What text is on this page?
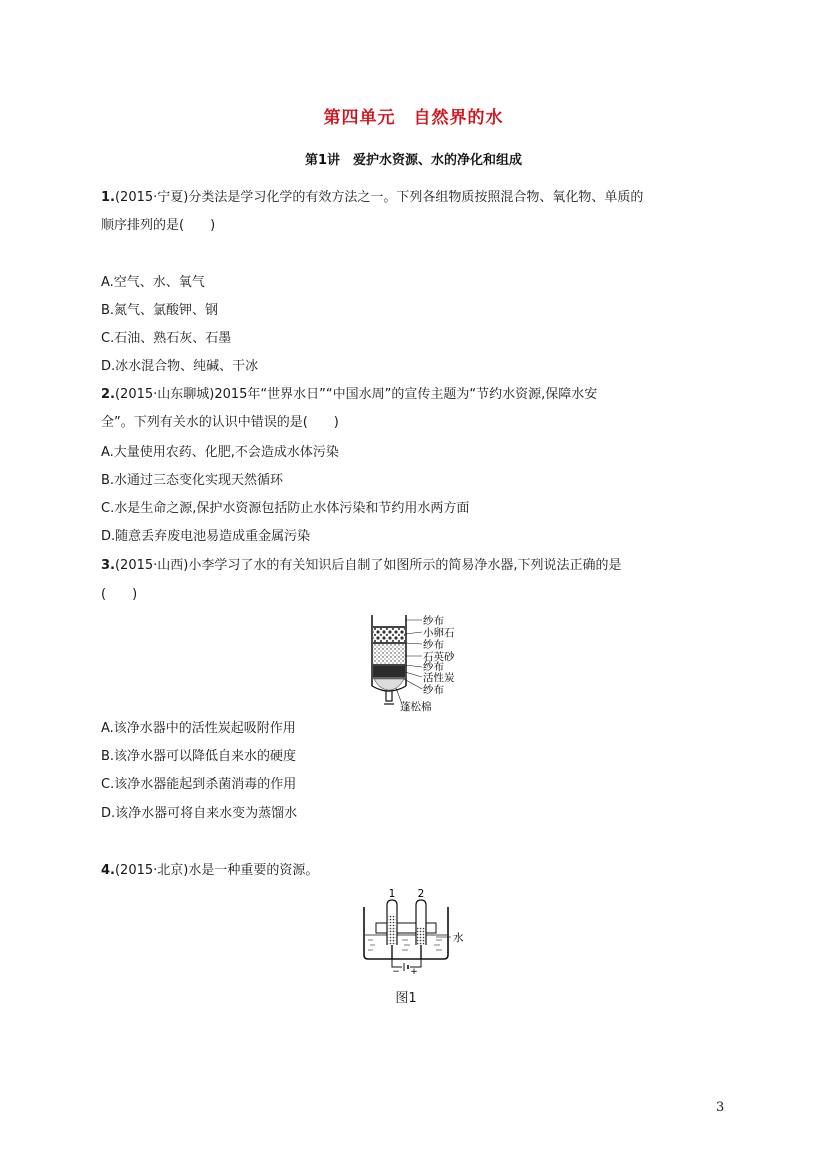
第四单元　自然界的水
第1讲　爱护水资源、水的净化和组成
1.(2015·宁夏)分类法是学习化学的有效方法之一。下列各组物质按照混合物、氧化物、单质的
顺序排列的是(　　)
A.空气、水、氧气
B.氮气、氯酸钾、钢
C.石油、熟石灰、石墨
D.冰水混合物、纯碱、干冰
2.(2015·山东聊城)2015年“世界水日”“中国水周”的宣传主题为“节约水资源,保障水安
全”。下列有关水的认识中错误的是(　　)
A.大量使用农药、化肥,不会造成水体污染
B.水通过三态变化实现天然循环
C.水是生命之源,保护水资源包括防止水体污染和节约用水两方面
D.随意丢弃废电池易造成重金属污染
3.(2015·山西)小李学习了水的有关知识后自制了如图所示的简易净水器,下列说法正确的是
(　　)
纱布
小卵石
纱布
石英砂
纱布
活性炭
纱布
蓬松棉
A.该净水器中的活性炭起吸附作用
B.该净水器可以降低自来水的硬度
C.该净水器能起到杀菌消毒的作用
D.该净水器可将自来水变为蒸馏水
4.(2015·北京)水是一种重要的资源。
1 2
− +
水
图1
3
